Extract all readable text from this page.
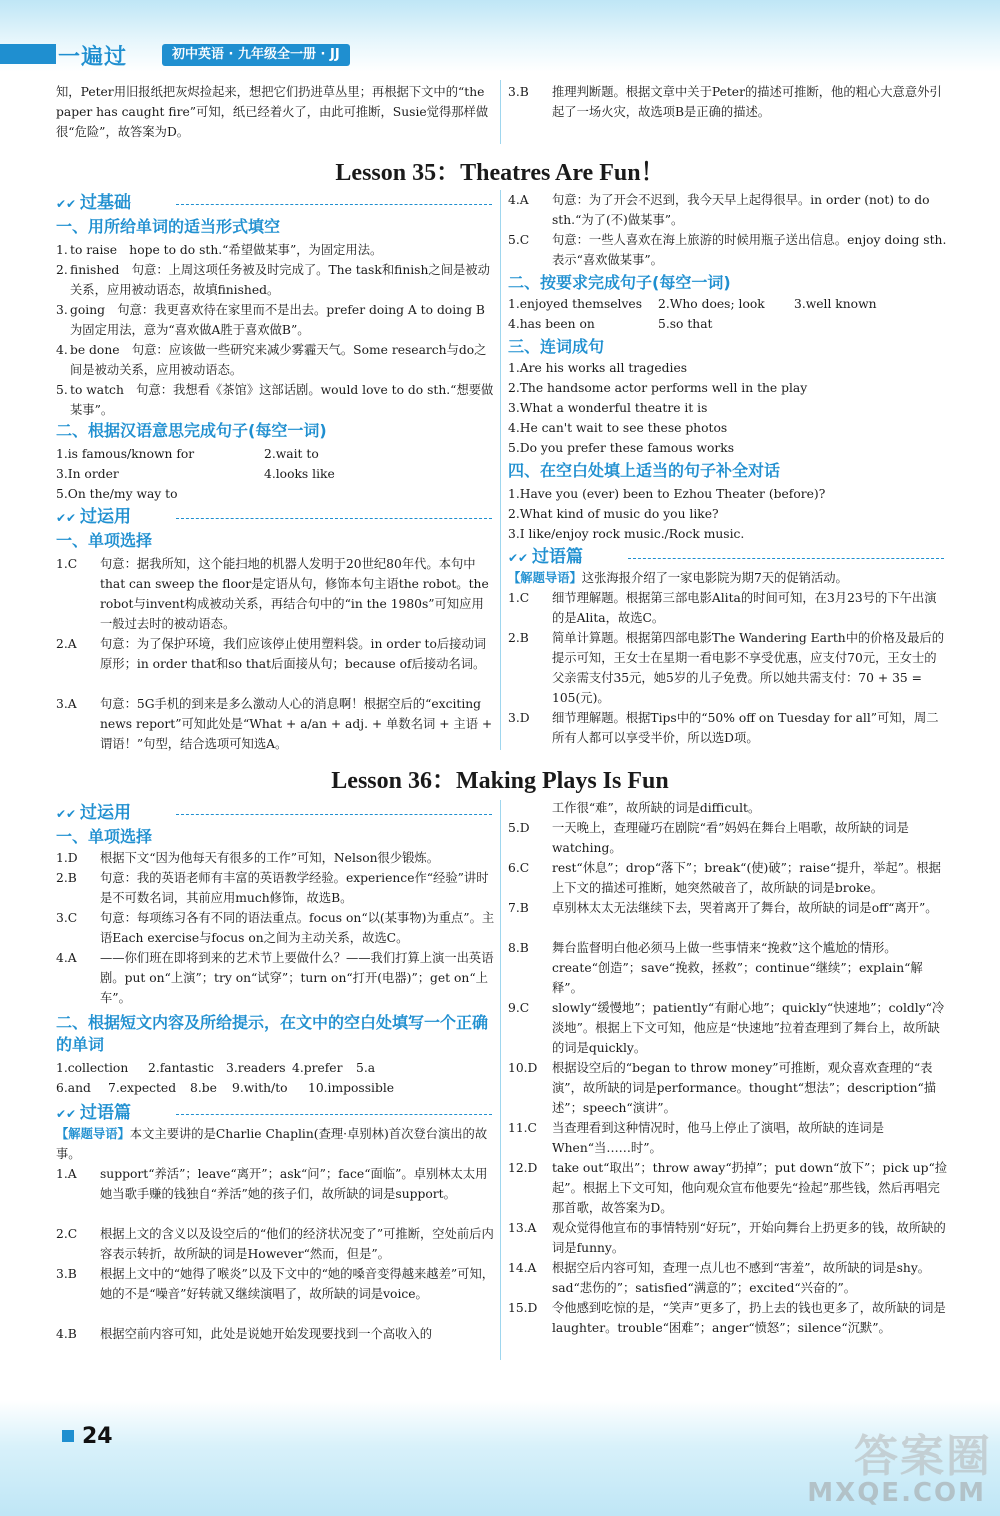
一遍过	初中英语 · 九年级全一册 · JJ
知，Peter用旧报纸把灰烬捡起来，想把它们扔进草丛里；再根据下文中的“the paper has caught fire”可知，纸已经着火了，由此可推断，Susie觉得那样做很“危险”，故答案为D。
3.B 推理判断题。根据文章中关于Peter的描述可推断，他的粗心大意意外引起了一场火灾，故选项B是正确的描述。
Lesson 35：Theatres Are Fun！
✔✔ 过基础
一、用所给单词的适当形式填空
1. to raise　hope to do sth.“希望做某事”，为固定用法。
2. finished　句意：上周这项任务被及时完成了。The task和finish之间是被动关系，应用被动语态，故填finished。
3. going　句意：我更喜欢待在家里而不是出去。prefer doing A to doing B为固定用法，意为“喜欢做A胜于喜欢做B”。
4. be done　句意：应该做一些研究来减少雾霾天气。Some research与do之间是被动关系，应用被动语态。
5. to watch　句意：我想看《茶馆》这部话剧。would love to do sth.“想要做某事”。
二、根据汉语意思完成句子(每空一词)
1.is famous/known for	2.wait to
3.In order	4.looks like
5.On the/my way to
✔✔ 过运用
一、单项选择
1.C 句意：据我所知，这个能扫地的机器人发明于20世纪80年代。本句中that can sweep the floor是定语从句，修饰本句主语the robot。the robot与invent构成被动关系，再结合句中的“in the 1980s”可知应用一般过去时的被动语态。
2.A 句意：为了保护环境，我们应该停止使用塑料袋。in order to后接动词原形；in order that和so that后面接从句；because of后接动名词。
3.A 句意：5G手机的到来是多么激动人心的消息啊！根据空后的“exciting news report”可知此处是“What + a/an + adj. + 单数名词 + 主语 + 谓语！”句型，结合选项可知选A。
4.A 句意：为了开会不迟到，我今天早上起得很早。in order (not) to do sth.“为了(不)做某事”。
5.C 句意：一些人喜欢在海上旅游的时候用瓶子送出信息。enjoy doing sth.表示“喜欢做某事”。
二、按要求完成句子(每空一词)
1.enjoyed themselves 2.Who does; look 3.well known
4.has been on	5.so that
三、连词成句
1.Are his works all tragedies
2.The handsome actor performs well in the play
3.What a wonderful theatre it is
4.He can't wait to see these photos
5.Do you prefer these famous works
四、在空白处填上适当的句子补全对话
1.Have you (ever) been to Ezhou Theater (before)?
2.What kind of music do you like?
3.I like/enjoy rock music./Rock music.
✔✔ 过语篇
【解题导语】这张海报介绍了一家电影院为期7天的促销活动。
1.C 细节理解题。根据第三部电影Alita的时间可知，在3月23号的下午出演的是Alita，故选C。
2.B 简单计算题。根据第四部电影The Wandering Earth中的价格及最后的提示可知，王女士在星期一看电影不享受优惠，应支付70元，王女士的父亲需支付35元，她5岁的儿子免费。所以她共需支付：70 + 35 = 105(元)。
3.D 细节理解题。根据Tips中的“50% off on Tuesday for all”可知，周二所有人都可以享受半价，所以选D项。
Lesson 36：Making Plays Is Fun
✔✔ 过运用
一、单项选择
1.D 根据下文“因为他每天有很多的工作”可知，Nelson很少锻炼。
2.B 句意：我的英语老师有丰富的英语教学经验。experience作“经验”讲时是不可数名词，其前应用much修饰，故选B。
3.C 句意：每项练习各有不同的语法重点。focus on“以(某事物)为重点”。主语Each exercise与focus on之间为主动关系，故选C。
4.A ——你们班在即将到来的艺术节上要做什么？——我们打算上演一出英语剧。put on“上演”；try on“试穿”；turn on“打开(电器)”；get on“上车”。
二、根据短文内容及所给提示，在文中的空白处填写一个正确的单词
1.collection 2.fantastic 3.readers 4.prefer 5.a
6.and 7.expected 8.be 9.with/to 10.impossible
✔✔ 过语篇
【解题导语】本文主要讲的是Charlie Chaplin(查理·卓别林)首次登台演出的故事。
1.A support“养活”；leave“离开”；ask“问”；face“面临”。卓别林太太用她当歌手赚的钱独自“养活”她的孩子们，故所缺的词是support。
2.C 根据上文的含义以及设空后的“他们的经济状况变了”可推断，空处前后内容表示转折，故所缺的词是However“然而，但是”。
3.B 根据上文中的“她得了喉炎”以及下文中的“她的嗓音变得越来越差”可知，她的不是“噪音”好转就又继续演唱了，故所缺的词是voice。
4.B 根据空前内容可知，此处是说她开始发现要找到一个高收入的
工作很“难”，故所缺的词是difficult。
5.D 一天晚上，查理碰巧在剧院“看”妈妈在舞台上唱歌，故所缺的词是watching。
6.C rest“休息”；drop“落下”；break“(使)破”；raise“提升，举起”。根据上下文的描述可推断，她突然破音了，故所缺的词是broke。
7.B 卓别林太太无法继续下去，哭着离开了舞台，故所缺的词是off“离开”。
8.B 舞台监督明白他必须马上做一些事情来“挽救”这个尴尬的情形。create“创造”；save“挽救，拯救”；continue“继续”；explain“解释”。
9.C slowly“缓慢地”；patiently“有耐心地”；quickly“快速地”；coldly“冷淡地”。根据上下文可知，他应是“快速地”拉着查理到了舞台上，故所缺的词是quickly。
10.D 根据设空后的“began to throw money”可推断，观众喜欢查理的“表演”，故所缺的词是performance。thought“想法”；description“描述”；speech“演讲”。
11.C 当查理看到这种情况时，他马上停止了演唱，故所缺的连词是When“当……时”。
12.D take out“取出”；throw away“扔掉”；put down“放下”；pick up“捡起”。根据上下文可知，他向观众宣布他要先“捡起”那些钱，然后再唱完那首歌，故答案为D。
13.A 观众觉得他宣布的事情特别“好玩”，开始向舞台上扔更多的钱，故所缺的词是funny。
14.A 根据空后内容可知，查理一点儿也不感到“害羞”，故所缺的词是shy。sad“悲伤的”；satisfied“满意的”；excited“兴奋的”。
15.D 令他感到吃惊的是，“笑声”更多了，扔上去的钱也更多了，故所缺的词是laughter。trouble“困难”；anger“愤怒”；silence“沉默”。
24	答案圈
MXQE.COM
